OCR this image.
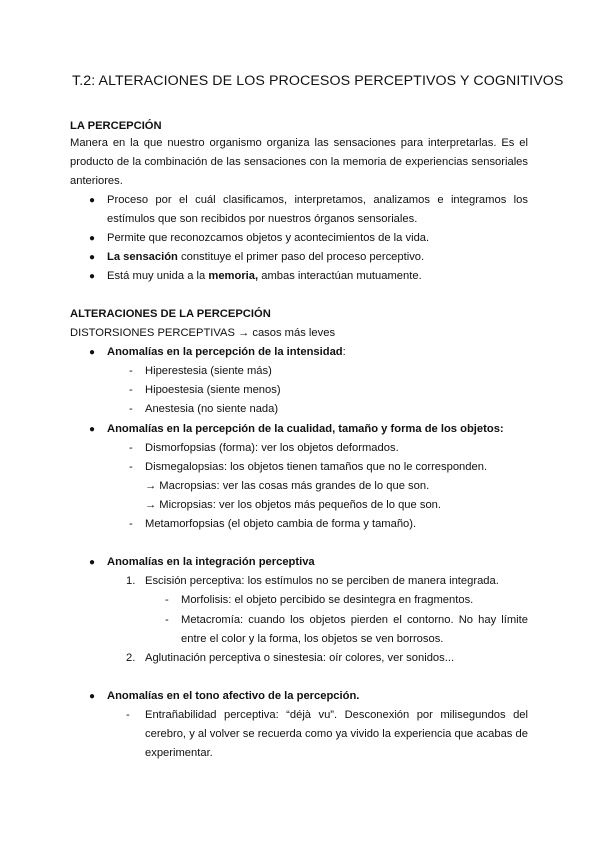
T.2: ALTERACIONES DE LOS PROCESOS PERCEPTIVOS Y COGNITIVOS
LA PERCEPCIÓN

Manera en la que nuestro organismo organiza las sensaciones para interpretarlas. Es el producto de la combinación de las sensaciones con la memoria de experiencias sensoriales anteriores.

● Proceso por el cuál clasificamos, interpretamos, analizamos e integramos los estímulos que son recibidos por nuestros órganos sensoriales.

● Permite que reconozcamos objetos y acontecimientos de la vida.

● La sensación constituye el primer paso del proceso perceptivo.

● Está muy unida a la memoria, ambas interactúan mutuamente.

ALTERACIONES DE LA PERCEPCIÓN

DISTORSIONES PERCEPTIVAS → casos más leves

● Anomalías en la percepción de la intensidad:

- Hiperestesia (siente más)

- Hipoestesia (siente menos)

- Anestesia (no siente nada)

● Anomalías en la percepción de la cualidad, tamaño y forma de los objetos:

- Dismorfopsias (forma): ver los objetos deformados.

- Dismegalopsias: los objetos tienen tamaños que no le corresponden.

→ Macropsias: ver las cosas más grandes de lo que son.

→ Micropsias: ver los objetos más pequeños de lo que son.

- Metamorfopsias (el objeto cambia de forma y tamaño).

● Anomalías en la integración perceptiva

1. Escisión perceptiva: los estímulos no se perciben de manera integrada.

- Morfolisis: el objeto percibido se desintegra en fragmentos.

- Metacromía: cuando los objetos pierden el contorno. No hay límite entre el color y la forma, los objetos se ven borrosos.

2. Aglutinación perceptiva o sinestesia: oír colores, ver sonidos...

● Anomalías en el tono afectivo de la percepción.

- Entrañabilidad perceptiva: “déjà vu”. Desconexión por milisegundos del cerebro, y al volver se recuerda como ya vivido la experiencia que acabas de experimentar.
